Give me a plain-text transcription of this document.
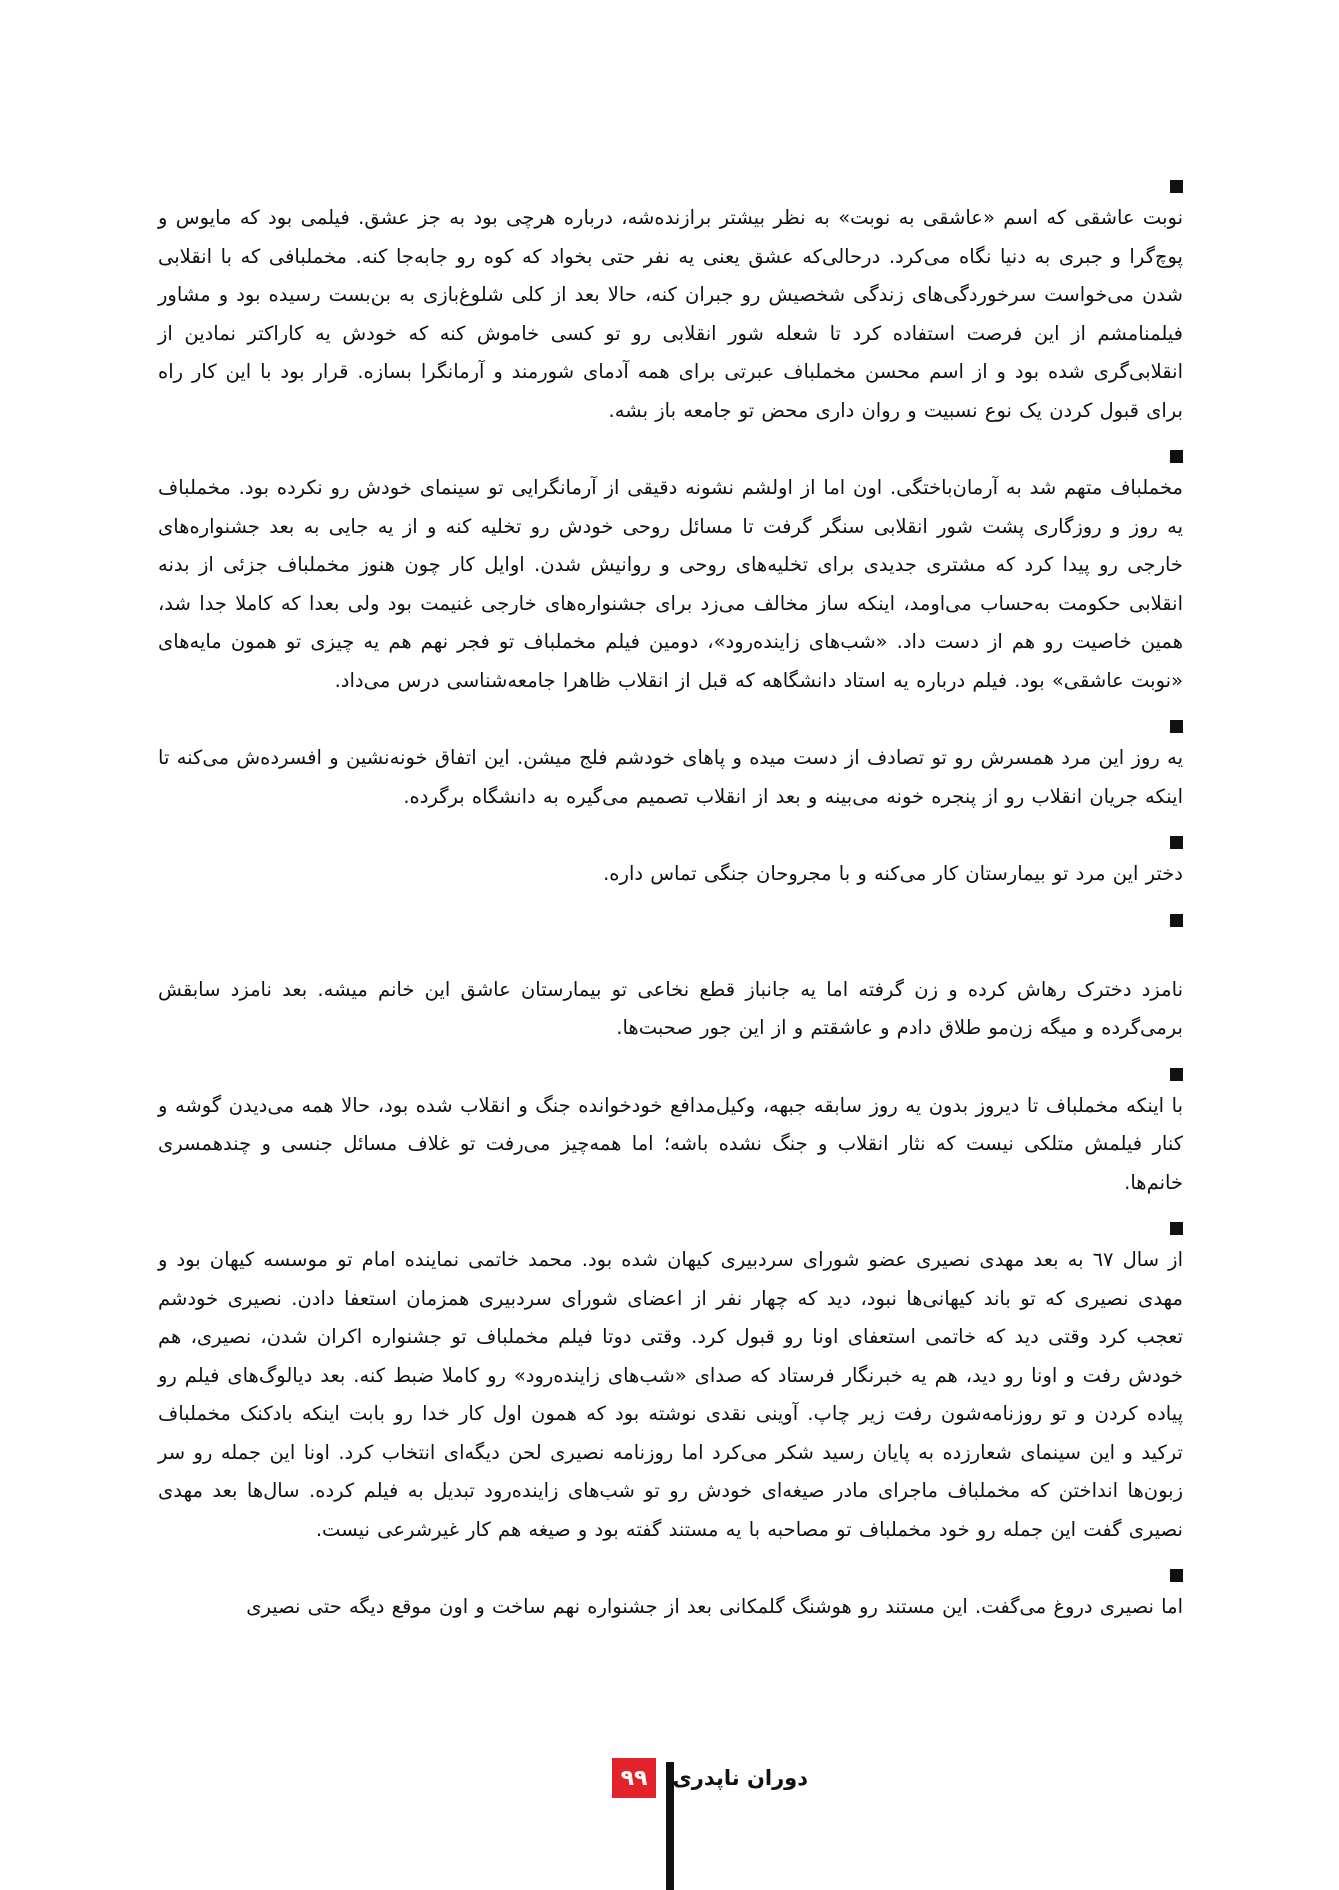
نوبت عاشقی که اسم «عاشقی به نوبت» به نظر بیشتر برازنده‌شه، درباره هرچی بود به جز عشق. فیلمی بود که مایوس و پوچ‌گرا و جبری به دنیا نگاه می‌کرد. درحالی‌که عشق یعنی یه نفر حتی بخواد که کوه رو جابه‌جا کنه. مخملبافی که با انقلابی شدن می‌خواست سرخوردگی‌های زندگی شخصیش رو جبران کنه، حالا بعد از کلی شلوغ‌بازی به بن‌بست رسیده بود و مشاور فیلمنامشم از این فرصت استفاده کرد تا شعله شور انقلابی رو تو کسی خاموش کنه که خودش یه کاراکتر نمادین از انقلابی‌گری شده بود و از اسم محسن مخملباف عبرتی برای همه آدمای شورمند و آرمانگرا بسازه. قرار بود با این کار راه برای قبول کردن یک نوع نسبیت و روان داری محض تو جامعه باز بشه.

مخملباف متهم شد به آرمان‌باختگی. اون اما از اولشم نشونه دقیقی از آرمانگرایی تو سینمای خودش رو نکرده بود. مخملباف یه روز و روزگاری پشت شور انقلابی سنگر گرفت تا مسائل روحی خودش رو تخلیه کنه و از یه جایی به بعد جشنواره‌های خارجی رو پیدا کرد که مشتری جدیدی برای تخلیه‌های روحی و روانیش شدن. اوایل کار چون هنوز مخملباف جزئی از بدنه انقلابی حکومت به‌حساب می‌اومد، اینکه ساز مخالف می‌زد برای جشنواره‌های خارجی غنیمت بود ولی بعدا که کاملا جدا شد، همین خاصیت رو هم از دست داد. «شب‌های زاینده‌رود»، دومین فیلم مخملباف تو فجر نهم هم یه چیزی تو همون مایه‌های «نوبت عاشقی» بود. فیلم درباره یه استاد دانشگاهه که قبل از انقلاب ظاهرا جامعه‌شناسی درس می‌داد.

یه روز این مرد همسرش رو تو تصادف از دست میده و پاهای خودشم فلج میشن. این اتفاق خونه‌نشین و افسرده‌ش می‌کنه تا اینکه جریان انقلاب رو از پنجره خونه می‌بینه و بعد از انقلاب تصمیم می‌گیره به دانشگاه برگرده.

دختر این مرد تو بیمارستان کار می‌کنه و با مجروحان جنگی تماس داره.

نامزد دخترک رهاش کرده و زن گرفته اما یه جانباز قطع نخاعی تو بیمارستان عاشق این خانم میشه. بعد نامزد سابقش برمی‌گرده و میگه زن‌مو طلاق دادم و عاشقتم و از این جور صحبت‌ها.

با اینکه مخملباف تا دیروز بدون یه روز سابقه جبهه، وکیل‌مدافع خودخوانده جنگ و انقلاب شده بود، حالا همه می‌دیدن گوشه و کنار فیلمش متلکی نیست که نثار انقلاب و جنگ نشده باشه؛ اما همه‌چیز می‌رفت تو غلاف مسائل جنسی و چندهمسری خانم‌ها.

از سال ٦٧ به بعد مهدی نصیری عضو شورای سردبیری کیهان شده بود. محمد خاتمی نماینده امام تو موسسه کیهان بود و مهدی نصیری که تو باند کیهانی‌ها نبود، دید که چهار نفر از اعضای شورای سردبیری همزمان استعفا دادن. نصیری خودشم تعجب کرد وقتی دید که خاتمی استعفای اونا رو قبول کرد. وقتی دوتا فیلم مخملباف تو جشنواره اکران شدن، نصیری، هم خودش رفت و اونا رو دید، هم یه خبرنگار فرستاد که صدای «شب‌های زاینده‌رود» رو کاملا ضبط کنه. بعد دیالوگ‌های فیلم رو پیاده کردن و تو روزنامه‌شون رفت زیر چاپ. آوینی نقدی نوشته بود که همون اول کار خدا رو بابت اینکه بادکنک مخملباف ترکید و این سینمای شعارزده به پایان رسید شکر می‌کرد اما روزنامه نصیری لحن دیگه‌ای انتخاب کرد. اونا این جمله رو سر زبون‌ها انداختن که مخملباف ماجرای مادر صیغه‌ای خودش رو تو شب‌های زاینده‌رود تبدیل به فیلم کرده. سال‌ها بعد مهدی نصیری گفت این جمله رو خود مخملباف تو مصاحبه با یه مستند گفته بود و صیغه هم کار غیرشرعی نیست.

اما نصیری دروغ می‌گفت. این مستند رو هوشنگ گلمکانی بعد از جشنواره نهم ساخت و اون موقع دیگه حتی نصیری

٩٩	دوران ناپدری
